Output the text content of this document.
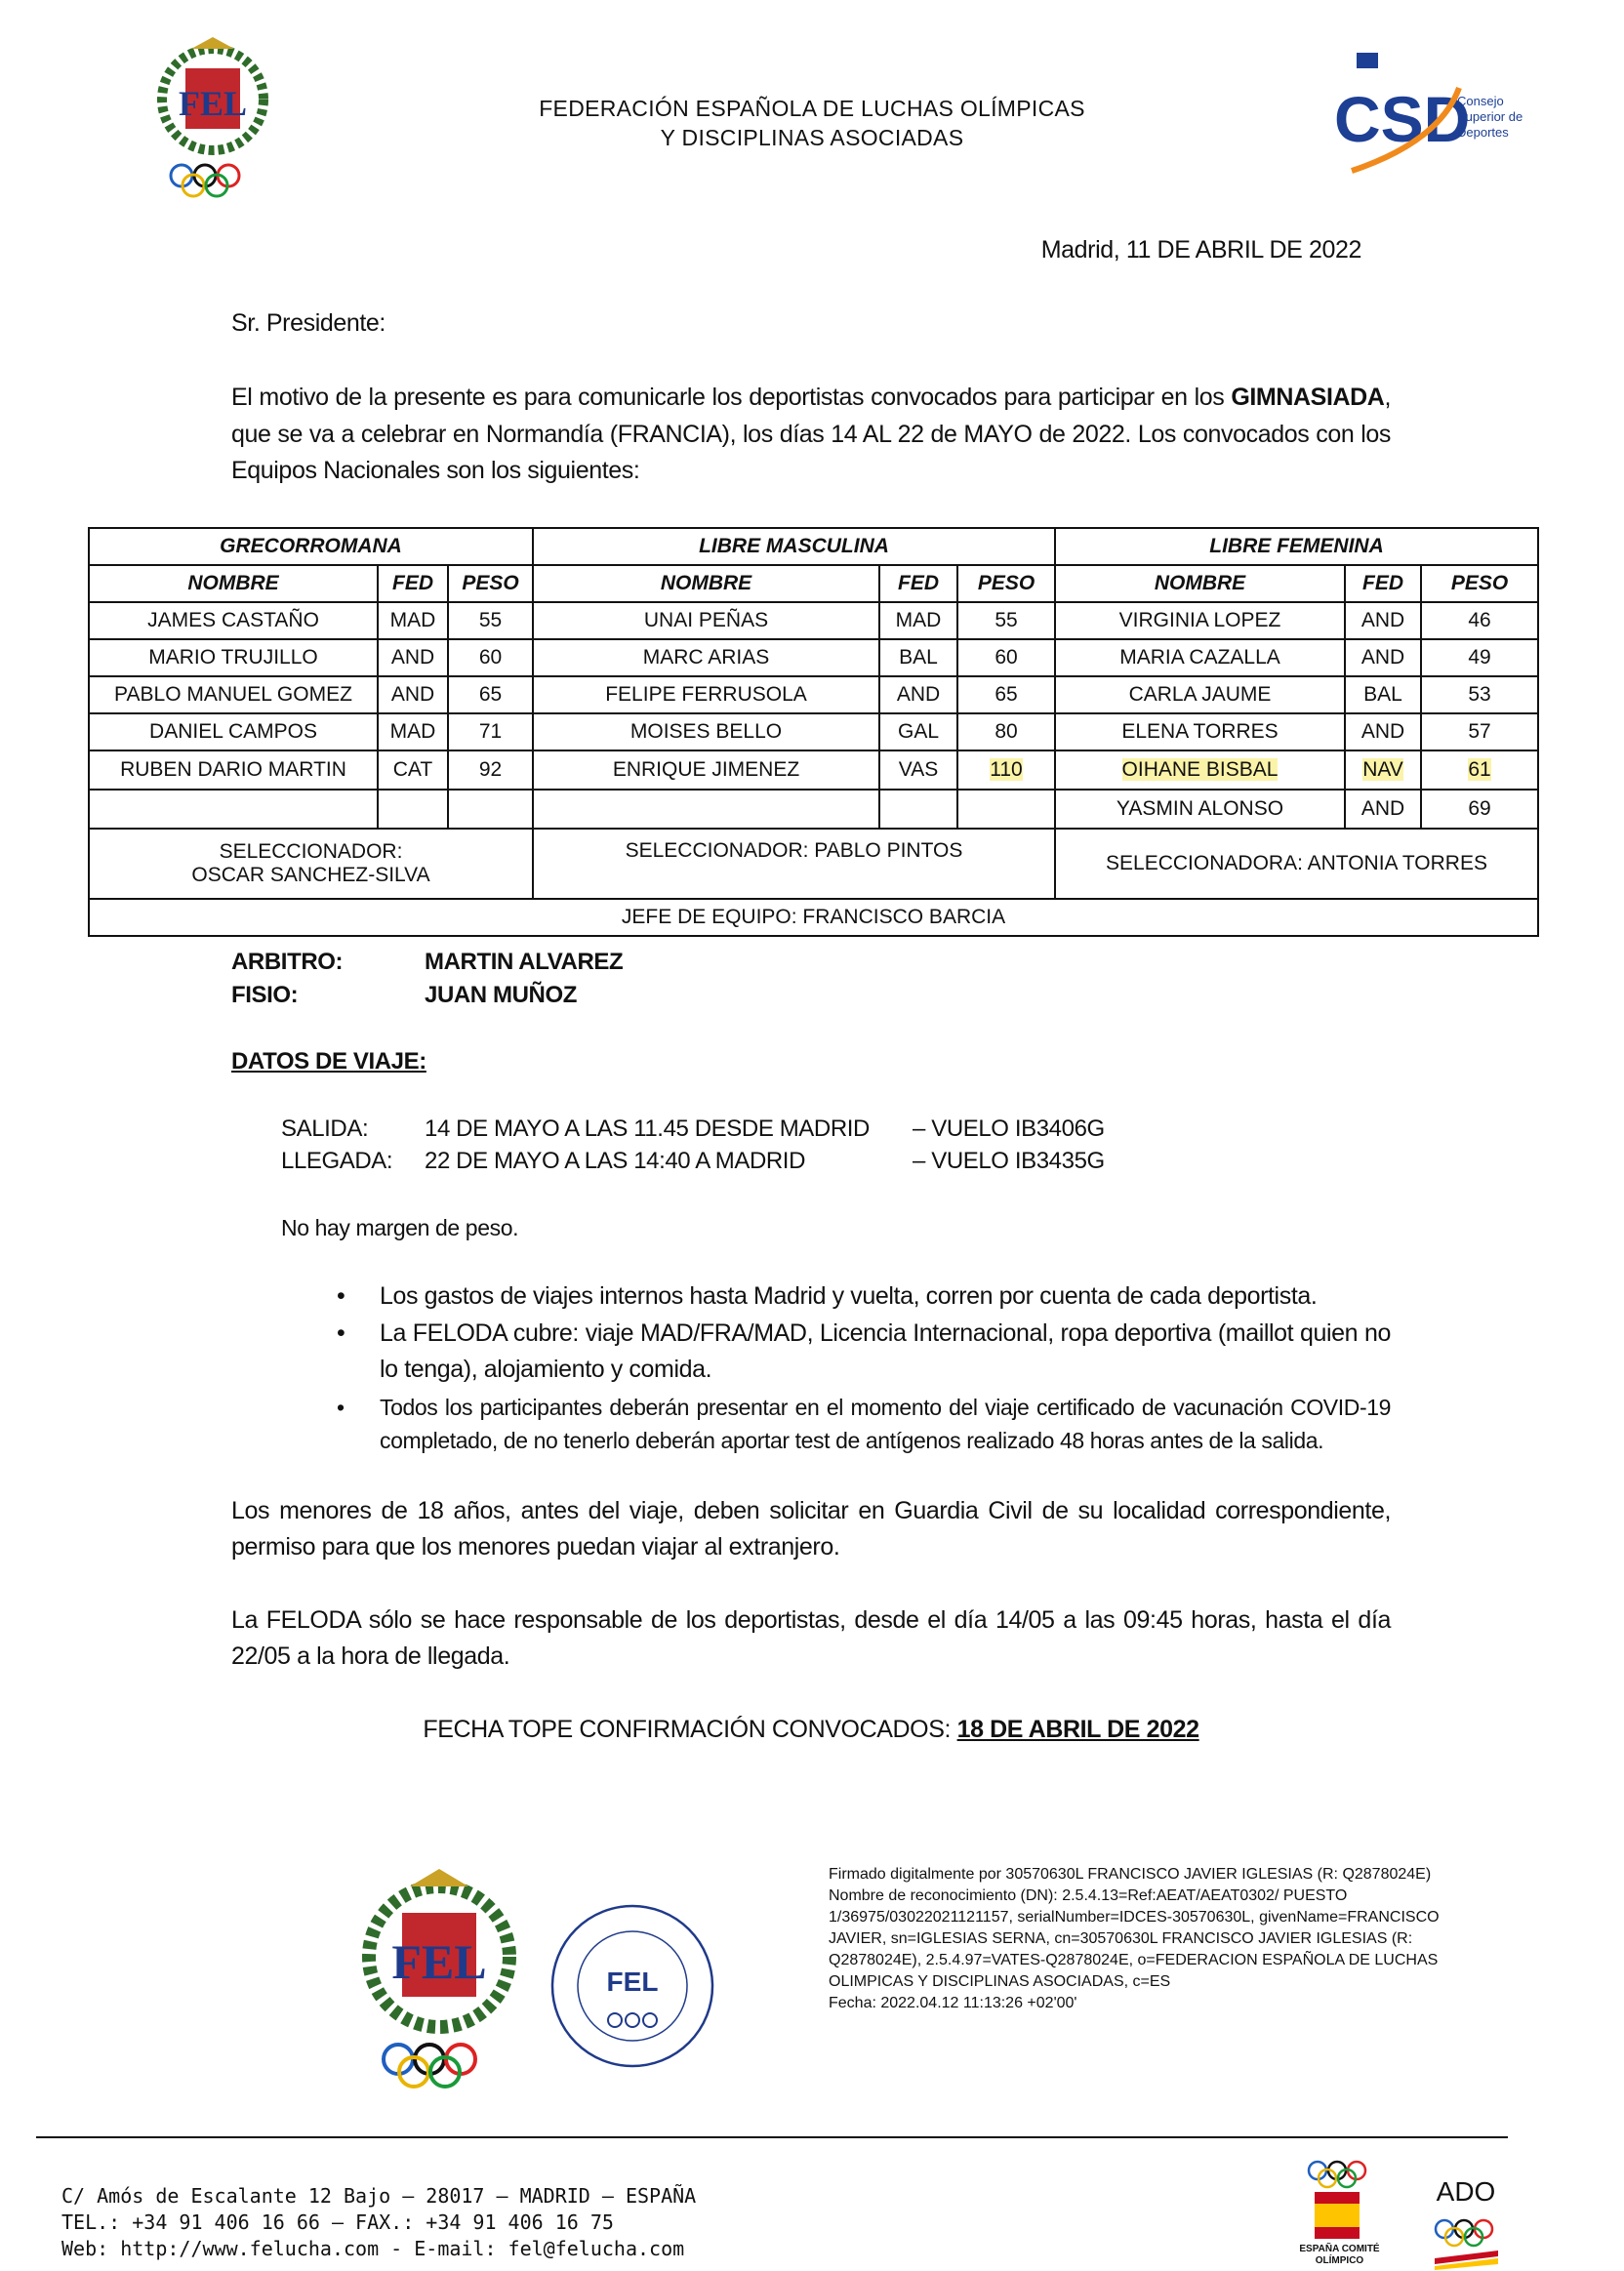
FEL	FEDERACIÓN ESPAÑOLA DE LUCHAS OLÍMPICAS
Y DISCIPLINAS ASOCIADAS	CSD
Consejo
Superior de
Deportes
Madrid, 11 DE ABRIL DE 2022
Sr. Presidente:
El motivo de la presente es para comunicarle los deportistas convocados para participar en los GIMNASIADA, que se va a celebrar en Normandía (FRANCIA), los días 14 AL 22 de MAYO de 2022. Los convocados con los Equipos Nacionales son los siguientes:
GRECORROMANA			LIBRE MASCULINA			LIBRE FEMENINA		
NOMBRE	FED	PESO	NOMBRE	FED	PESO	NOMBRE	FED	PESO
JAMES CASTAÑO	MAD	55	UNAI PEÑAS	MAD	55	VIRGINIA LOPEZ	AND	46
MARIO TRUJILLO	AND	60	MARC ARIAS	BAL	60	MARIA CAZALLA	AND	49
PABLO MANUEL GOMEZ	AND	65	FELIPE FERRUSOLA	AND	65	CARLA JAUME	BAL	53
DANIEL CAMPOS	MAD	71	MOISES BELLO	GAL	80	ELENA TORRES	AND	57
RUBEN DARIO MARTIN	CAT	92	ENRIQUE JIMENEZ	VAS	110	OIHANE BISBAL	NAV	61
						YASMIN ALONSO	AND	69
SELECCIONADOR:
OSCAR SANCHEZ-SILVA			SELECCIONADOR: PABLO PINTOS			SELECCIONADORA: ANTONIA TORRES		
JEFE DE EQUIPO: FRANCISCO BARCIA								
ARBITRO:	MARTIN ALVAREZ
FISIO:	JUAN MUÑOZ
DATOS DE VIAJE:
SALIDA: 14 DE MAYO A LAS 11.45 DESDE MADRID – VUELO IB3406G
LLEGADA: 22 DE MAYO A LAS 14:40 A MADRID	– VUELO IB3435G
No hay margen de peso.
• Los gastos de viajes internos hasta Madrid y vuelta, corren por cuenta de cada deportista.
• La FELODA cubre: viaje MAD/FRA/MAD, Licencia Internacional, ropa deportiva (maillot quien no lo tenga), alojamiento y comida.
• Todos los participantes deberán presentar en el momento del viaje certificado de vacunación COVID-19 completado, de no tenerlo deberán aportar test de antígenos realizado 48 horas antes de la salida.

Los menores de 18 años, antes del viaje, deben solicitar en Guardia Civil de su localidad correspondiente, permiso para que los menores puedan viajar al extranjero.

La FELODA sólo se hace responsable de los deportistas, desde el día 14/05 a las 09:45 horas, hasta el día 22/05 a la hora de llegada.

FECHA TOPE CONFIRMACIÓN CONVOCADOS: 18 DE ABRIL DE 2022

FEL	FEL
Firmado digitalmente por 30570630L FRANCISCO JAVIER IGLESIAS (R: Q2878024E)
Nombre de reconocimiento (DN): 2.5.4.13=Ref:AEAT/AEAT0302/ PUESTO 1/36975/03022021121157, serialNumber=IDCES-30570630L, givenName=FRANCISCO JAVIER, sn=IGLESIAS SERNA, cn=30570630L FRANCISCO JAVIER IGLESIAS (R: Q2878024E), 2.5.4.97=VATES-Q2878024E, o=FEDERACION ESPAÑOLA DE LUCHAS OLIMPICAS Y DISCIPLINAS ASOCIADAS, c=ES
Fecha: 2022.04.12 11:13:26 +02'00'
C/ Amós de Escalante 12 Bajo – 28017 – MADRID – ESPAÑA
TEL.: +34 91 406 16 66 – FAX.: +34 91 406 16 75
Web: http://www.felucha.com - E-mail: fel@felucha.com	ESPAÑA COMITÉ OLÍMPICO
ADO
